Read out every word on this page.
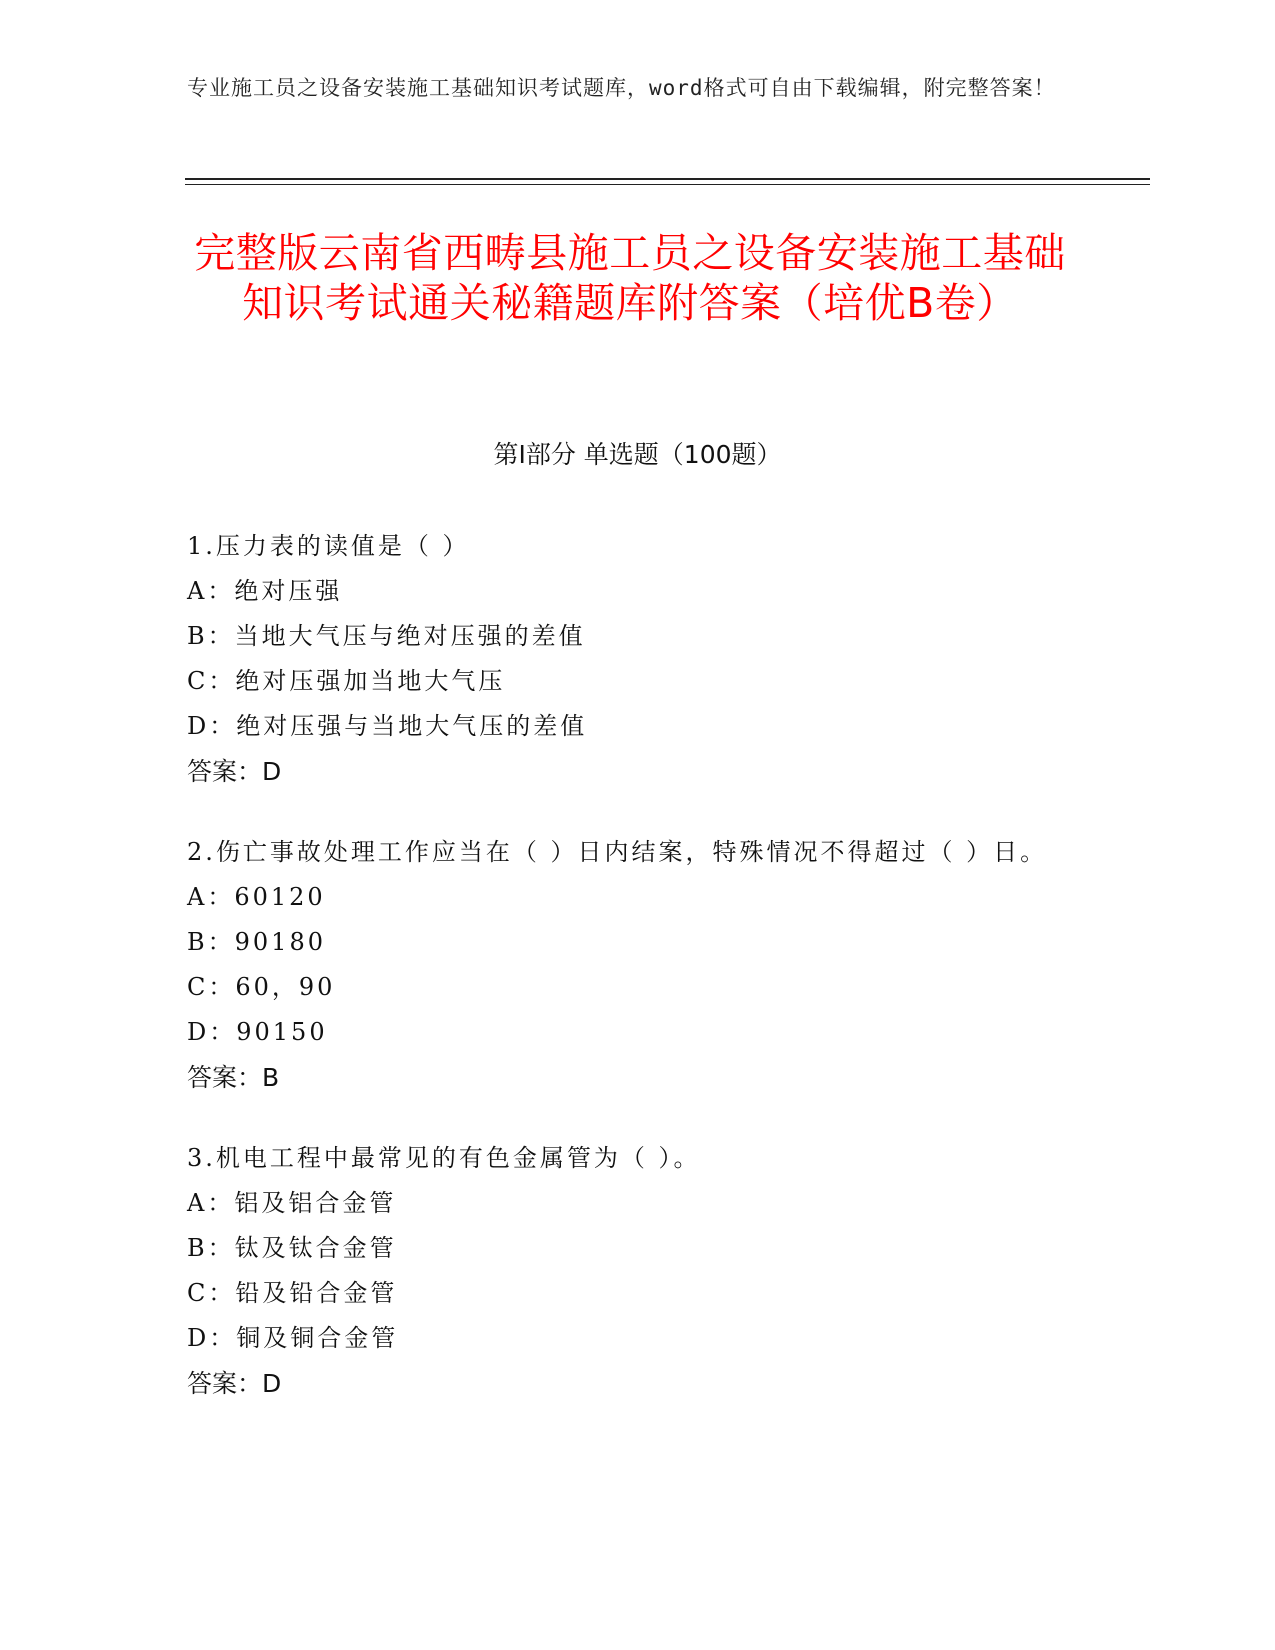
专业施工员之设备安装施工基础知识考试题库，word格式可自由下载编辑，附完整答案！
完整版云南省西畴县施工员之设备安装施工基础知识考试通关秘籍题库附答案（培优B卷）
第I部分 单选题（100题）
1.压力表的读值是（ ）
A：绝对压强
B：当地大气压与绝对压强的差值
C：绝对压强加当地大气压
D：绝对压强与当地大气压的差值
答案：D
2.伤亡事故处理工作应当在（ ）日内结案，特殊情况不得超过（ ）日。
A：60120
B：90180
C：60，90
D：90150
答案：B
3.机电工程中最常见的有色金属管为（ ）。
A：铝及铝合金管
B：钛及钛合金管
C：铅及铅合金管
D：铜及铜合金管
答案：D
